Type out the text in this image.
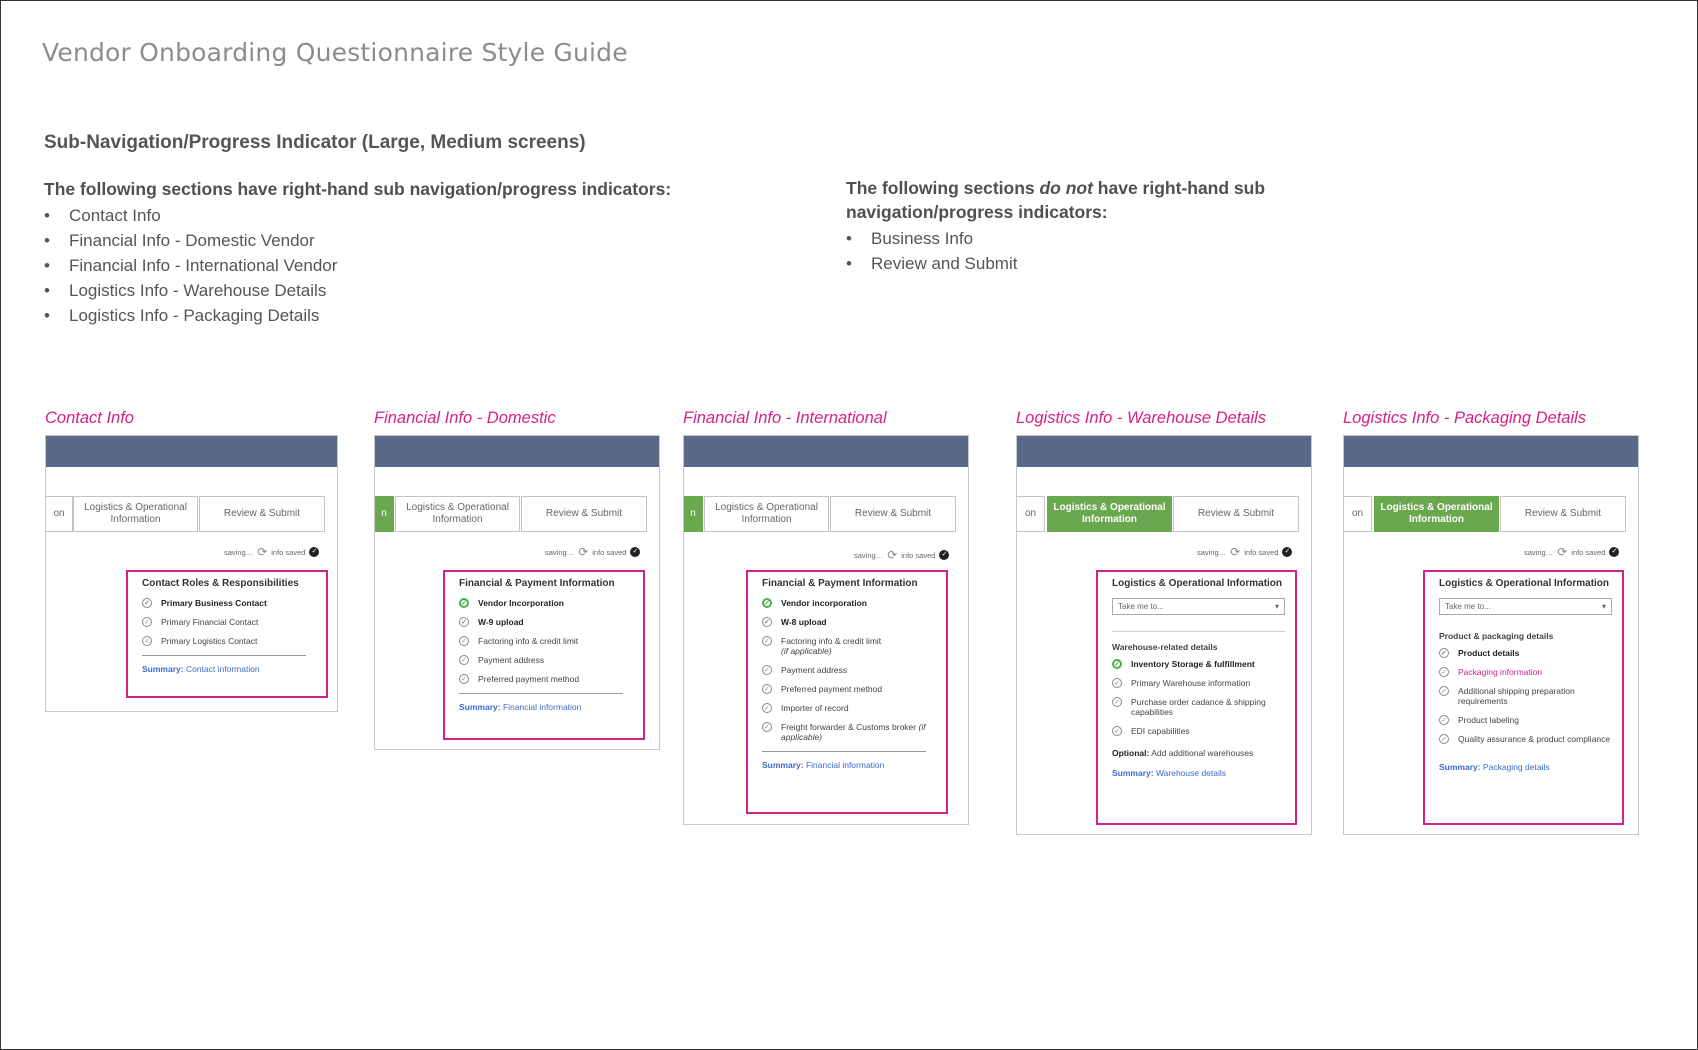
Vendor Onboarding Questionnaire Style Guide
Sub-Navigation/Progress Indicator (Large, Medium screens)

The following sections have right-hand sub navigation/progress indicators:

• Contact Info
• Financial Info - Domestic Vendor
• Financial Info - International Vendor
• Logistics Info - Warehouse Details
• Logistics Info - Packaging Details

The following sections do not have right-hand sub navigation/progress indicators:

• Business Info
• Review and Submit

Contact Info

on
Logistics & Operational Information
Review & Submit
saving… ⟳ info saved ✓

Contact Roles & Responsibilities

✓ Primary Business Contact
✓ Primary Financial Contact
✓ Primary Logistics Contact
Summary: Contact information

Financial Info - Domestic

n
Logistics & Operational Information
Review & Submit
saving… ⟳ info saved ✓

Financial & Payment Information

✓ Vendor Incorporation
✓ W-9 upload
✓ Factoring info & credit limit
✓ Payment address
✓ Preferred payment method
Summary: Financial information

Financial Info - International

n
Logistics & Operational Information
Review & Submit
saving… ⟳ info saved ✓

Financial & Payment Information

✓ Vendor incorporation
✓ W-8 upload
✓ Factoring info & credit limit
(if applicable)
✓ Payment address
✓ Preferred payment method
✓ Importer of record
✓ Freight forwarder & Customs broker (if applicable)
Summary: Financial information

Logistics Info - Warehouse Details

on
Logistics & Operational Information
Review & Submit
saving… ⟳ info saved ✓

Logistics & Operational Information

Take me to...	▾
Warehouse-related details
✓ Inventory Storage & fulfillment
✓ Primary Warehouse information
✓ Purchase order cadance & shipping capabilities
✓ EDI capabilities
Optional: Add additional warehouses
Summary: Warehouse details

Logistics Info - Packaging Details

on
Logistics & Operational Information
Review & Submit
saving… ⟳ info saved ✓

Logistics & Operational Information

Take me to...	▾
Product & packaging details
✓ Product details
✓ Packaging information
✓ Additional shipping preparation requirements
✓ Product labeling
✓ Quality assurance & product compliance
Summary: Packaging details
